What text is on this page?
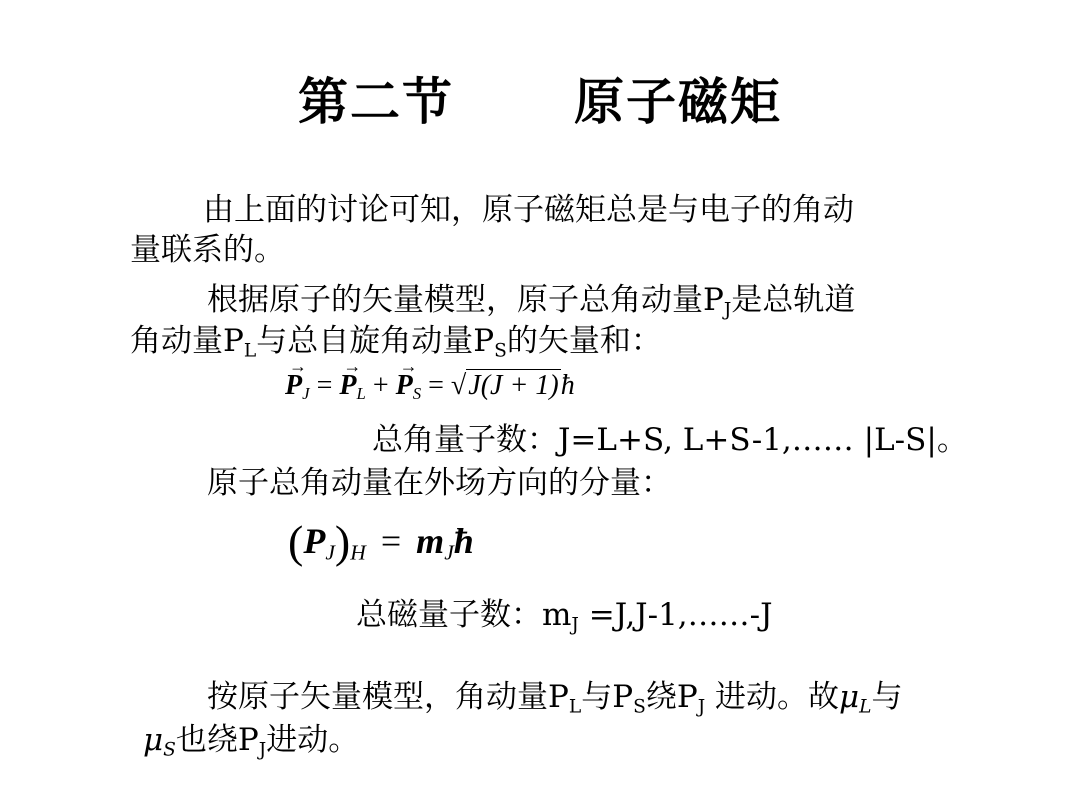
第二节 原子磁矩
由上面的讨论可知，原子磁矩总是与电子的角动
量联系的。
根据原子的矢量模型，原子总角动量$P_J$是总轨道
角动量$P_L$与总自旋角动量$P_S$的矢量和：
→ $P_J$ = → $P_L$ + → $P_S = √J(J$ + 1)ħ
总角量子数：J=L+S, L+S-1,…… |L-S|。
原子总角动量在外场方向的分量：
$(P_J)_H$ = $m_Jħ$
总磁量子数：$m_J$ =J,J-1,……-J
按原子矢量模型，角动量$P_L$与$P_S$绕$P_J$ 进动。故$\mu_L$与
$\mu_S$也绕$P_J$进动。
